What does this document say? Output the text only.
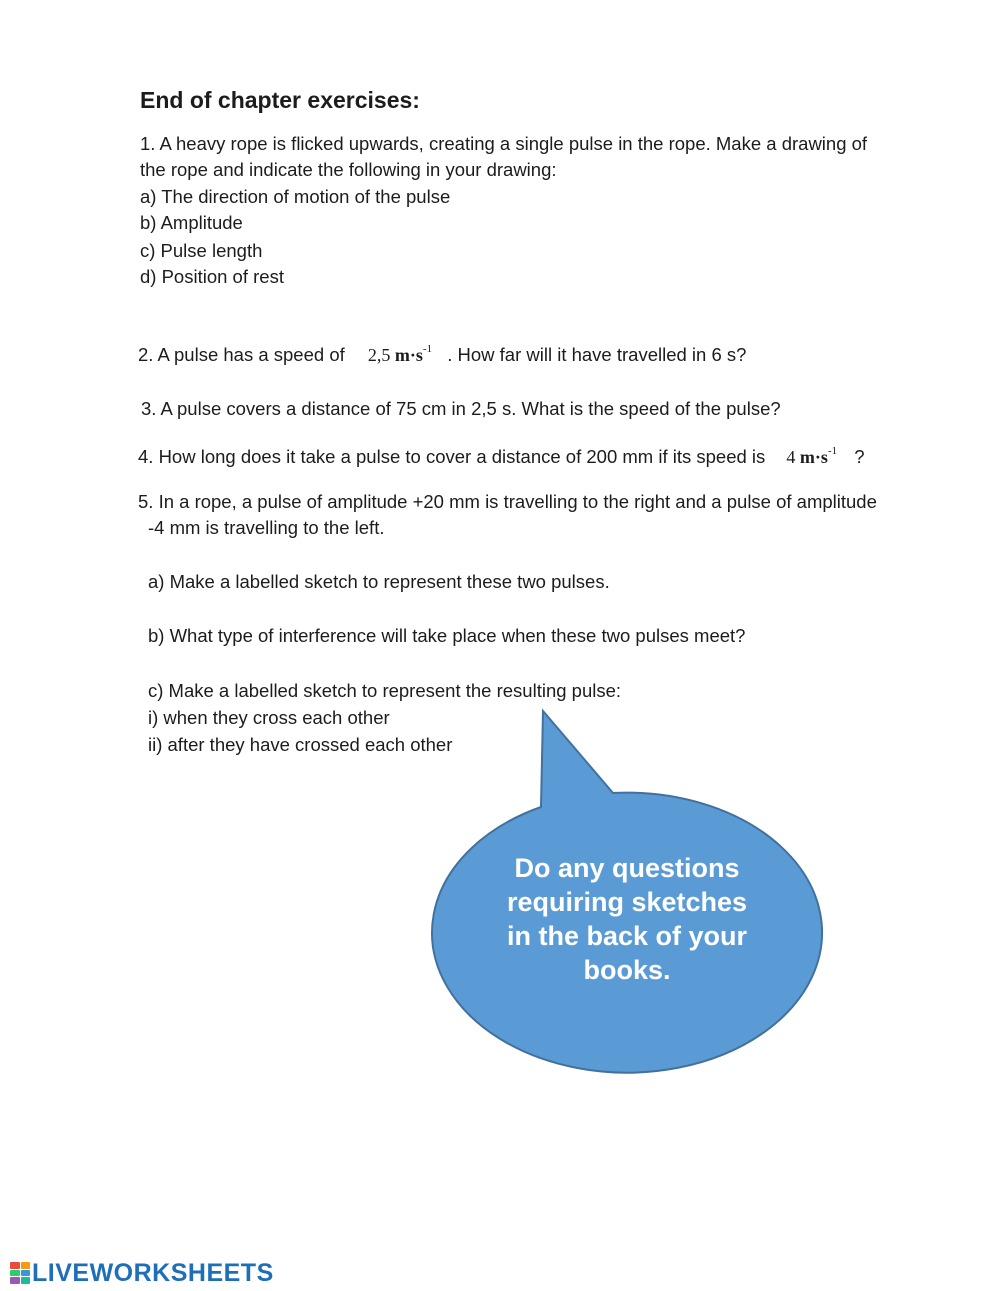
End of chapter exercises:
1. A heavy rope is flicked upwards, creating a single pulse in the rope. Make a drawing of
the rope and indicate the following in your drawing:
a) The direction of motion of the pulse
b) Amplitude
c) Pulse length
d) Position of rest
2. A pulse has a speed of 2,5 $m\cdot s^{-1}$ . How far will it have travelled in 6 s?
3. A pulse covers a distance of 75 cm in 2,5 s. What is the speed of the pulse?
4. How long does it take a pulse to cover a distance of 200 mm if its speed is 4 $m\cdot s^{-1}$ ?
5. In a rope, a pulse of amplitude +20 mm is travelling to the right and a pulse of amplitude
-4 mm is travelling to the left.
a) Make a labelled sketch to represent these two pulses.
b) What type of interference will take place when these two pulses meet?
c) Make a labelled sketch to represent the resulting pulse:
i) when they cross each other
ii) after they have crossed each other
Do any questions requiring sketches in the back of your books.
LIVEWORKSHEETS
